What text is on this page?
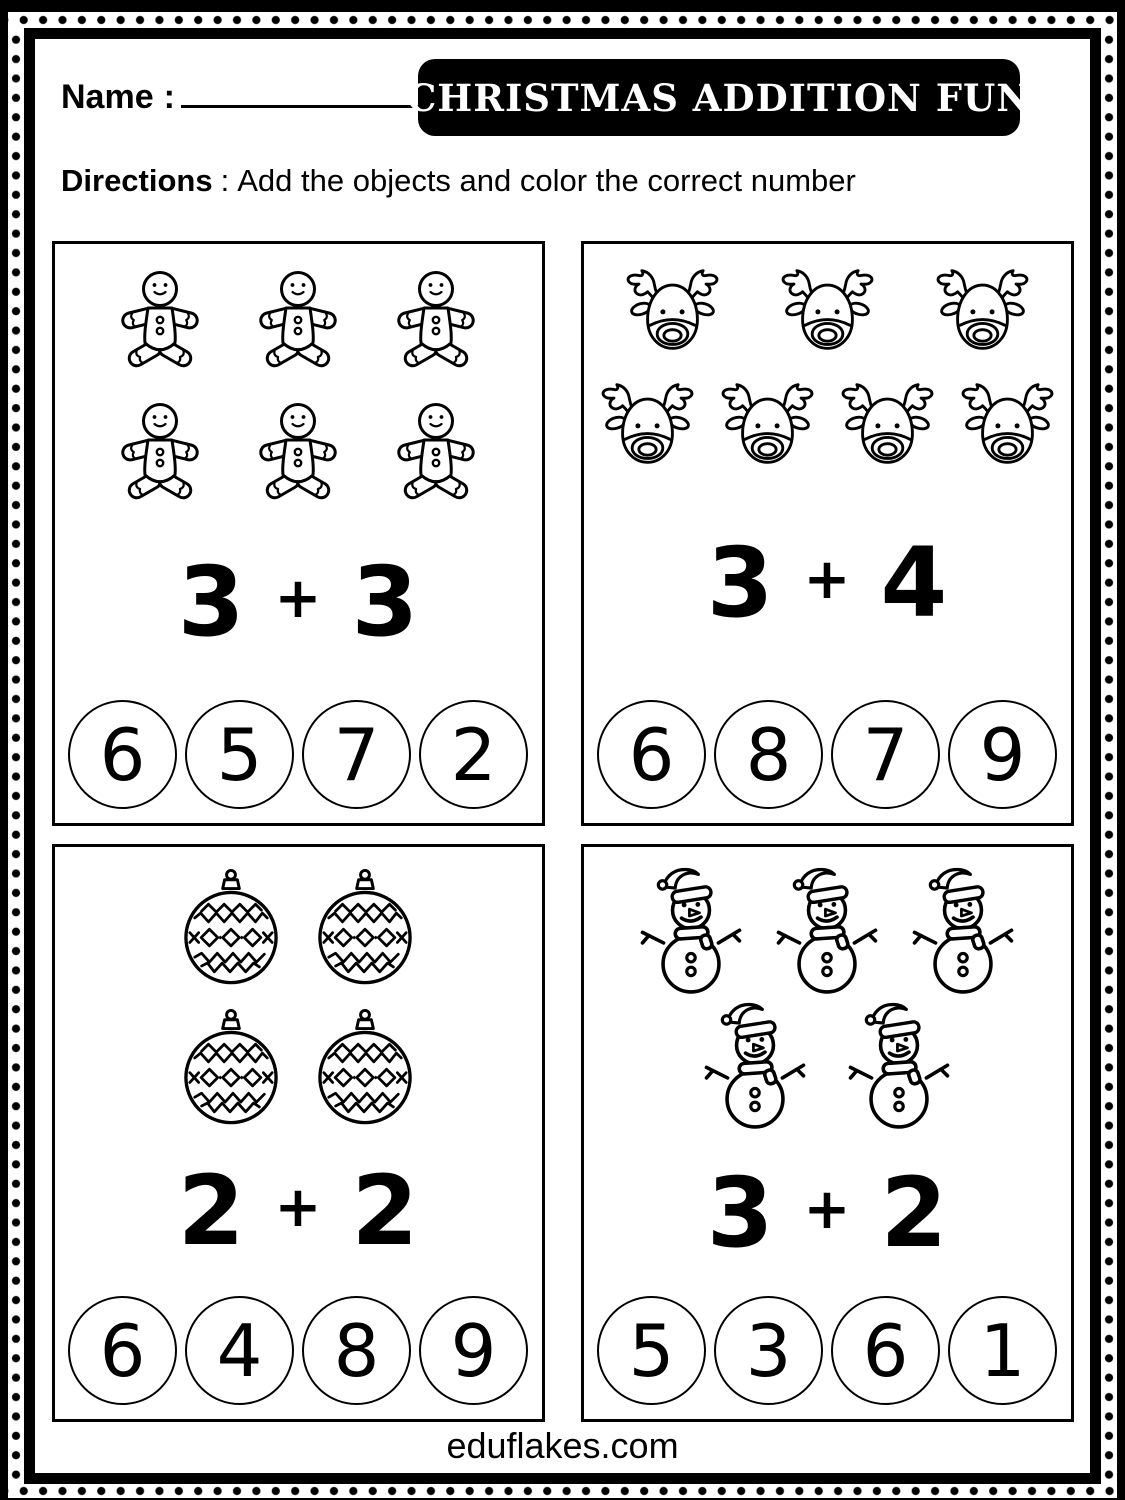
Name :	CHRISTMAS ADDITION FUN
Directions : Add the objects and color the correct number
3 + 3
6 5 7 2
3 + 4
6 8 7 9
2 + 2
6 4 8 9
3 + 2
5 3 6 1
eduflakes.com
